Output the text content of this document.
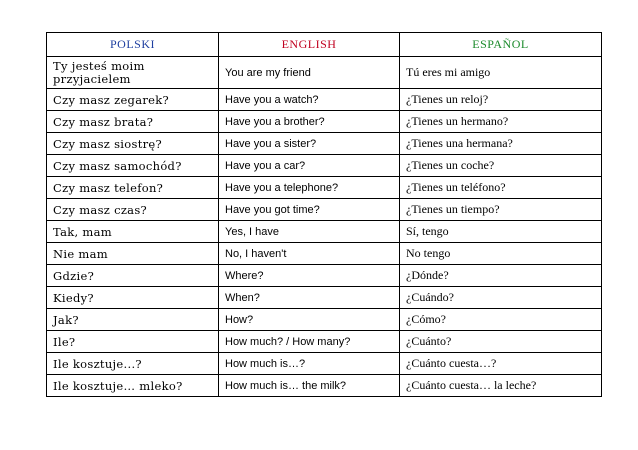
POLSKI	ENGLISH	ESPAÑOL
Ty jesteś moim przyjacielem	You are my friend	Tú eres mi amigo
Czy masz zegarek?	Have you a watch?	¿Tienes un reloj?
Czy masz brata?	Have you a brother?	¿Tienes un hermano?
Czy masz siostrę?	Have you a sister?	¿Tienes una hermana?
Czy masz samochód?	Have you a car?	¿Tienes un coche?
Czy masz telefon?	Have you a telephone?	¿Tienes un teléfono?
Czy masz czas?	Have you got time?	¿Tienes un tiempo?
Tak, mam	Yes, I have	Sí, tengo
Nie mam	No, I haven't	No tengo
Gdzie?	Where?	¿Dónde?
Kiedy?	When?	¿Cuándo?
Jak?	How?	¿Cómo?
Ile?	How much? / How many?	¿Cuánto?
Ile kosztuje...?	How much is…?	¿Cuánto cuesta…?
Ile kosztuje… mleko?	How much is… the milk?	¿Cuánto cuesta… la leche?
